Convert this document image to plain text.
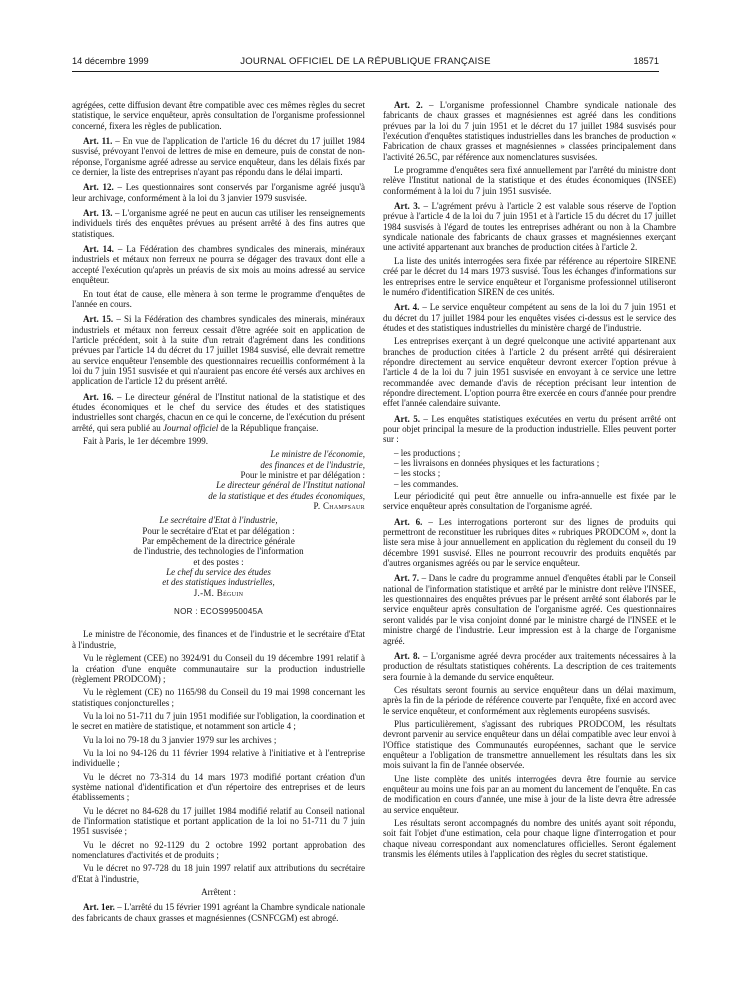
14 décembre 1999	JOURNAL OFFICIEL DE LA RÉPUBLIQUE FRANÇAISE	18571

agrégées, cette diffusion devant être compatible avec ces mêmes règles du secret statistique, le service enquêteur, après consultation de l'organisme professionnel concerné, fixera les règles de publication.

Art. 11. – En vue de l'application de l'article 16 du décret du 17 juillet 1984 susvisé, prévoyant l'envoi de lettres de mise en demeure, puis de constat de non-réponse, l'organisme agréé adresse au service enquêteur, dans les délais fixés par ce dernier, la liste des entreprises n'ayant pas répondu dans le délai imparti.

Art. 12. – Les questionnaires sont conservés par l'organisme agréé jusqu'à leur archivage, conformément à la loi du 3 janvier 1979 susvisée.

Art. 13. – L'organisme agréé ne peut en aucun cas utiliser les renseignements individuels tirés des enquêtes prévues au présent arrêté à des fins autres que statistiques.

Art. 14. – La Fédération des chambres syndicales des minerais, minéraux industriels et métaux non ferreux ne pourra se dégager des travaux dont elle a accepté l'exécution qu'après un préavis de six mois au moins adressé au service enquêteur.

En tout état de cause, elle mènera à son terme le programme d'enquêtes de l'année en cours.

Art. 15. – Si la Fédération des chambres syndicales des minerais, minéraux industriels et métaux non ferreux cessait d'être agréée soit en application de l'article précédent, soit à la suite d'un retrait d'agrément dans les conditions prévues par l'article 14 du décret du 17 juillet 1984 susvisé, elle devrait remettre au service enquêteur l'ensemble des questionnaires recueillis conformément à la loi du 7 juin 1951 susvisée et qui n'auraient pas encore été versés aux archives en application de l'article 12 du présent arrêté.

Art. 16. – Le directeur général de l'Institut national de la statistique et des études économiques et le chef du service des études et des statistiques industrielles sont chargés, chacun en ce qui le concerne, de l'exécution du présent arrêté, qui sera publié au Journal officiel de la République française.

Fait à Paris, le 1er décembre 1999.

Le ministre de l'économie,
des finances et de l'industrie,
Pour le ministre et par délégation :
Le directeur général de l'Institut national
de la statistique et des études économiques,
P. Champsaur
Le secrétaire d'Etat à l'industrie,
Pour le secrétaire d'Etat et par délégation :
Par empêchement de la directrice générale
de l'industrie, des technologies de l'information
et des postes :
Le chef du service des études
et des statistiques industrielles,
J.-M. Béguin
NOR : ECOS9950045A

Le ministre de l'économie, des finances et de l'industrie et le secrétaire d'Etat à l'industrie,

Vu le règlement (CEE) no 3924/91 du Conseil du 19 décembre 1991 relatif à la création d'une enquête communautaire sur la production industrielle (règlement PRODCOM) ;

Vu le règlement (CE) no 1165/98 du Conseil du 19 mai 1998 concernant les statistiques conjoncturelles ;

Vu la loi no 51-711 du 7 juin 1951 modifiée sur l'obligation, la coordination et le secret en matière de statistique, et notamment son article 4 ;

Vu la loi no 79-18 du 3 janvier 1979 sur les archives ;

Vu la loi no 94-126 du 11 février 1994 relative à l'initiative et à l'entreprise individuelle ;

Vu le décret no 73-314 du 14 mars 1973 modifié portant création d'un système national d'identification et d'un répertoire des entreprises et de leurs établissements ;

Vu le décret no 84-628 du 17 juillet 1984 modifié relatif au Conseil national de l'information statistique et portant application de la loi no 51-711 du 7 juin 1951 susvisée ;

Vu le décret no 92-1129 du 2 octobre 1992 portant approbation des nomenclatures d'activités et de produits ;

Vu le décret no 97-728 du 18 juin 1997 relatif aux attributions du secrétaire d'Etat à l'industrie,

Arrêtent :

Art. 1er. – L'arrêté du 15 février 1991 agréant la Chambre syndicale nationale des fabricants de chaux grasses et magnésiennes (CSNFCGM) est abrogé.

Art. 2. – L'organisme professionnel Chambre syndicale nationale des fabricants de chaux grasses et magnésiennes est agréé dans les conditions prévues par la loi du 7 juin 1951 et le décret du 17 juillet 1984 susvisés pour l'exécution d'enquêtes statistiques industrielles dans les branches de production « Fabrication de chaux grasses et magnésiennes » classées principalement dans l'activité 26.5C, par référence aux nomenclatures susvisées.

Le programme d'enquêtes sera fixé annuellement par l'arrêté du ministre dont relève l'Institut national de la statistique et des études économiques (INSEE) conformément à la loi du 7 juin 1951 susvisée.

Art. 3. – L'agrément prévu à l'article 2 est valable sous réserve de l'option prévue à l'article 4 de la loi du 7 juin 1951 et à l'article 15 du décret du 17 juillet 1984 susvisés à l'égard de toutes les entreprises adhérant ou non à la Chambre syndicale nationale des fabricants de chaux grasses et magnésiennes exerçant une activité appartenant aux branches de production citées à l'article 2.

La liste des unités interrogées sera fixée par référence au répertoire SIRENE créé par le décret du 14 mars 1973 susvisé. Tous les échanges d'informations sur les entreprises entre le service enquêteur et l'organisme professionnel utiliseront le numéro d'identification SIREN de ces unités.

Art. 4. – Le service enquêteur compétent au sens de la loi du 7 juin 1951 et du décret du 17 juillet 1984 pour les enquêtes visées ci-dessus est le service des études et des statistiques industrielles du ministère chargé de l'industrie.

Les entreprises exerçant à un degré quelconque une activité appartenant aux branches de production citées à l'article 2 du présent arrêté qui désireraient répondre directement au service enquêteur devront exercer l'option prévue à l'article 4 de la loi du 7 juin 1951 susvisée en envoyant à ce service une lettre recommandée avec demande d'avis de réception précisant leur intention de répondre directement. L'option pourra être exercée en cours d'année pour prendre effet l'année calendaire suivante.

Art. 5. – Les enquêtes statistiques exécutées en vertu du présent arrêté ont pour objet principal la mesure de la production industrielle. Elles peuvent porter sur :

– les productions ;
– les livraisons en données physiques et les facturations ;
– les stocks ;
– les commandes.

Leur périodicité qui peut être annuelle ou infra-annuelle est fixée par le service enquêteur après consultation de l'organisme agréé.

Art. 6. – Les interrogations porteront sur des lignes de produits qui permettront de reconstituer les rubriques dites « rubriques PRODCOM », dont la liste sera mise à jour annuellement en application du règlement du conseil du 19 décembre 1991 susvisé. Elles ne pourront recouvrir des produits enquêtés par d'autres organismes agréés ou par le service enquêteur.

Art. 7. – Dans le cadre du programme annuel d'enquêtes établi par le Conseil national de l'information statistique et arrêté par le ministre dont relève l'INSEE, les questionnaires des enquêtes prévues par le présent arrêté sont élaborés par le service enquêteur après consultation de l'organisme agréé. Ces questionnaires seront validés par le visa conjoint donné par le ministre chargé de l'INSEE et le ministre chargé de l'industrie. Leur impression est à la charge de l'organisme agréé.

Art. 8. – L'organisme agréé devra procéder aux traitements nécessaires à la production de résultats statistiques cohérents. La description de ces traitements sera fournie à la demande du service enquêteur.

Ces résultats seront fournis au service enquêteur dans un délai maximum, après la fin de la période de référence couverte par l'enquête, fixé en accord avec le service enquêteur, et conformément aux règlements européens susvisés.

Plus particulièrement, s'agissant des rubriques PRODCOM, les résultats devront parvenir au service enquêteur dans un délai compatible avec leur envoi à l'Office statistique des Communautés européennes, sachant que le service enquêteur a l'obligation de transmettre annuellement les résultats dans les six mois suivant la fin de l'année observée.

Une liste complète des unités interrogées devra être fournie au service enquêteur au moins une fois par an au moment du lancement de l'enquête. En cas de modification en cours d'année, une mise à jour de la liste devra être adressée au service enquêteur.

Les résultats seront accompagnés du nombre des unités ayant soit répondu, soit fait l'objet d'une estimation, cela pour chaque ligne d'interrogation et pour chaque niveau correspondant aux nomenclatures officielles. Seront également transmis les éléments utiles à l'application des règles du secret statistique.
